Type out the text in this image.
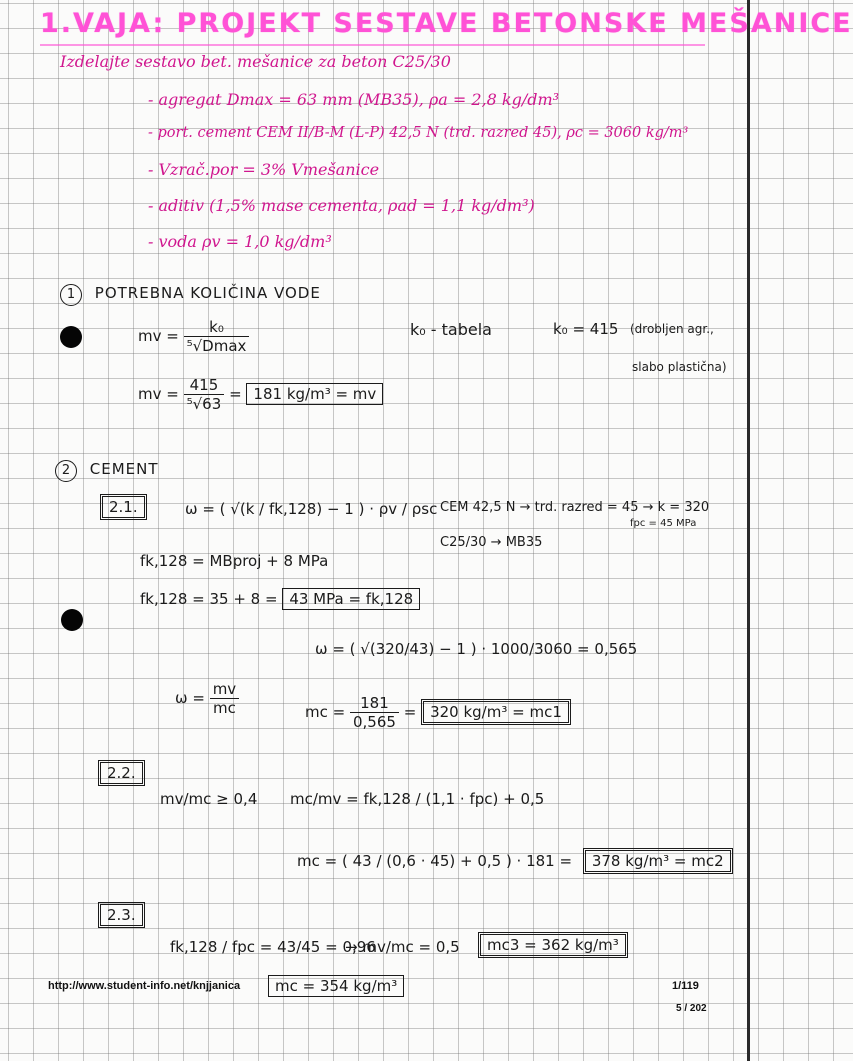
1.VAJA: PROJEKT SESTAVE BETONSKE MEŠANICE
Izdelajte sestavo bet. mešanice za beton C25/30
- agregat Dmax = 63 mm (MB35), ρa = 2,8 kg/dm³
- port. cement CEM II/B-M (L-P) 42,5 N (trd. razred 45), ρc = 3060 kg/m³
- Vzrač.por = 3% Vmešanice
- aditiv (1,5% mase cementa, ρad = 1,1 kg/dm³)
- voda ρv = 1,0 kg/dm³
1 POTREBNA KOLIČINA VODE
mv = $\frac{\text{k₀}}{\text{⁵√Dmax}}$	k₀ - tabela	k₀ = 415 (drobljen agr.,
slabo plastična)
mv = $\frac{415}{\text{⁵√63}} = 181$ kg/m³ = mv
2 CEMENT
2.1.	ω = ( √(k / fk,128) − 1 ) · ρv / ρsc CEM 42,5 N → trd. razred = 45 → k = 320
fpc = 45 MPa
C25/30 → MB35
fk,128 = MBproj + 8 MPa
fk,128 = 35 + 8 = 43 MPa = fk,128
ω = ( √(320/43) − 1 ) · 1000/3060 = 0,565
$\omega = \frac{mv}{mc}$	mc = $\frac{181}{0,565} = 320$ kg/m³ = mc1
2.2.
mv/mc ≥ 0,4 mc/mv = fk,128 / (1,1 · fpc) + 0,5
mc = ( 43 / (0,6 · 45) + 0,5 ) · 181 = 378 kg/m³ = mc2
2.3.
fk,128 / fpc = 43/45 = 0,96
→ mv/mc = 0,5	mc3 = 362 kg/m³
http://www.student-info.net/knjjanica	mc = 354 kg/m³	1/119
5 / 202
